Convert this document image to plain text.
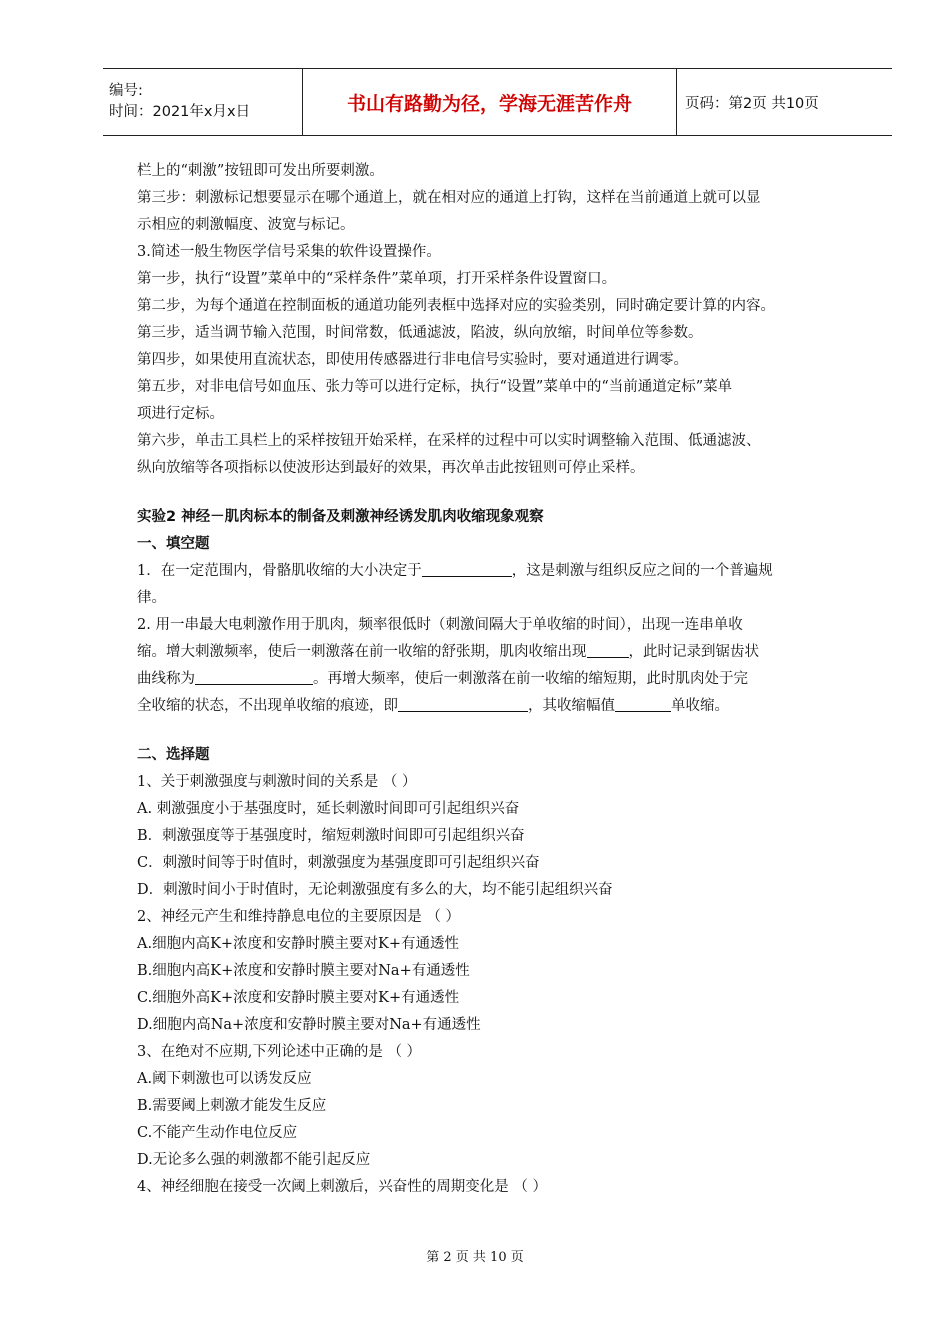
编号:
时间：2021年x月x日	书山有路勤为径，学海无涯苦作舟	页码：第2页 共10页

栏上的“刺激”按钮即可发出所要刺激。

第三步：刺激标记想要显示在哪个通道上，就在相对应的通道上打钩，这样在当前通道上就可以显

示相应的刺激幅度、波宽与标记。

3.简述一般生物医学信号采集的软件设置操作。

第一步，执行“设置”菜单中的“采样条件”菜单项，打开采样条件设置窗口。

第二步，为每个通道在控制面板的通道功能列表框中选择对应的实验类别，同时确定要计算的内容。

第三步，适当调节输入范围，时间常数，低通滤波，陷波，纵向放缩，时间单位等参数。

第四步，如果使用直流状态，即使用传感器进行非电信号实验时，要对通道进行调零。

第五步，对非电信号如血压、张力等可以进行定标，执行“设置”菜单中的“当前通道定标”菜单

项进行定标。

第六步，单击工具栏上的采样按钮开始采样，在采样的过程中可以实时调整输入范围、低通滤波、

纵向放缩等各项指标以使波形达到最好的效果，再次单击此按钮则可停止采样。

实验2 神经－肌肉标本的制备及刺激神经诱发肌肉收缩现象观察

一、填空题

1．在一定范围内，骨骼肌收缩的大小决定于	，这是刺激与组织反应之间的一个普遍规

律。

2. 用一串最大电刺激作用于肌肉，频率很低时（刺激间隔大于单收缩的时间），出现一连串单收

缩。增大刺激频率，使后一刺激落在前一收缩的舒张期，肌肉收缩出现	，此时记录到锯齿状

曲线称为	。再增大频率，使后一刺激落在前一收缩的缩短期，此时肌肉处于完

全收缩的状态，不出现单收缩的痕迹，即	，其收缩幅值	单收缩。

二、选择题

1、关于刺激强度与刺激时间的关系是 （ ）

A. 刺激强度小于基强度时，延长刺激时间即可引起组织兴奋

B．刺激强度等于基强度时，缩短刺激时间即可引起组织兴奋

C．刺激时间等于时值时，刺激强度为基强度即可引起组织兴奋

D．刺激时间小于时值时，无论刺激强度有多么的大，均不能引起组织兴奋

2、神经元产生和维持静息电位的主要原因是 （ ）

A.细胞内高K+浓度和安静时膜主要对K+有通透性

B.细胞内高K+浓度和安静时膜主要对Na+有通透性

C.细胞外高K+浓度和安静时膜主要对K+有通透性

D.细胞内高Na+浓度和安静时膜主要对Na+有通透性

3、在绝对不应期,下列论述中正确的是 （ ）

A.阈下刺激也可以诱发反应

B.需要阈上刺激才能发生反应

C.不能产生动作电位反应

D.无论多么强的刺激都不能引起反应

4、神经细胞在接受一次阈上刺激后，兴奋性的周期变化是 （ ）

第 2 页 共 10 页
